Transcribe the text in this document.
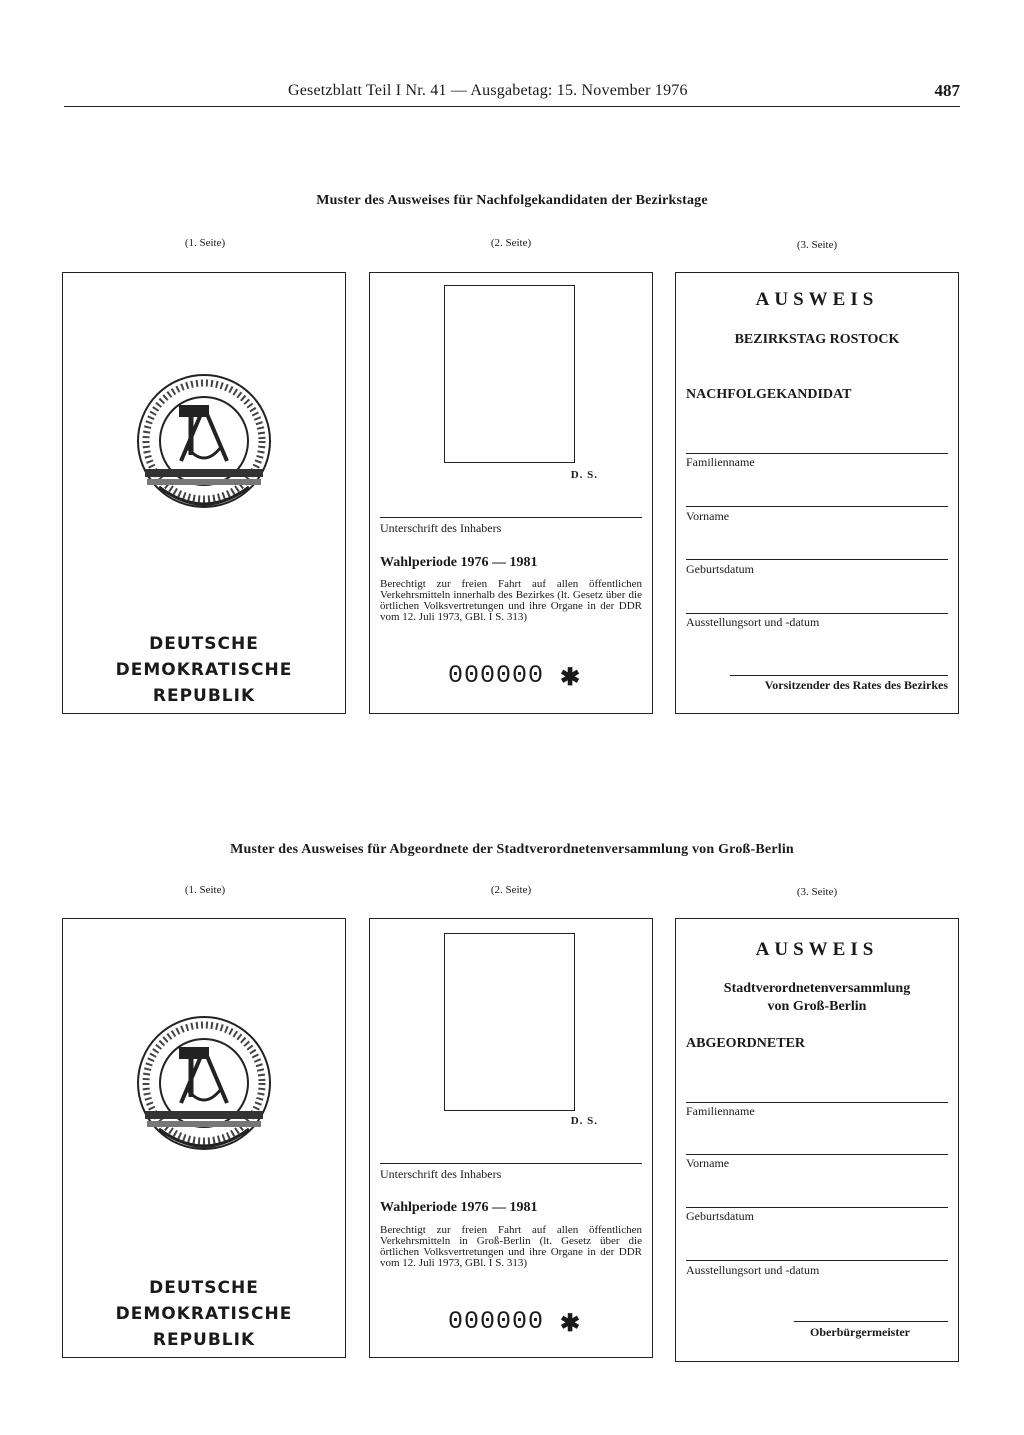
Gesetzblatt Teil I Nr. 41 — Ausgabetag: 15. November 1976	487
Muster des Ausweises für Nachfolgekandidaten der Bezirkstage
(1. Seite)	(2. Seite)	(3. Seite)
DEUTSCHE
DEMOKRATISCHE REPUBLIK
D. S.
Unterschrift des Inhabers
Wahlperiode 1976 — 1981
Berechtigt zur freien Fahrt auf allen öffentlichen Verkehrsmitteln innerhalb des Bezirkes (lt. Gesetz über die örtlichen Volksvertretungen und ihre Organe in der DDR vom 12. Juli 1973, GBl. I S. 313)
000000 ✱
AUSWEIS
BEZIRKSTAG ROSTOCK
NACHFOLGEKANDIDAT
Familienname
Vorname
Geburtsdatum
Ausstellungsort und -datum
Vorsitzender des Rates des Bezirkes
Muster des Ausweises für Abgeordnete der Stadtverordnetenversammlung von Groß-Berlin
(1. Seite)	(2. Seite)	(3. Seite)
DEUTSCHE
DEMOKRATISCHE REPUBLIK
D. S.
Unterschrift des Inhabers
Wahlperiode 1976 — 1981
Berechtigt zur freien Fahrt auf allen öffentlichen Verkehrsmitteln in Groß-Berlin (lt. Gesetz über die örtlichen Volksvertretungen und ihre Organe in der DDR vom 12. Juli 1973, GBl. I S. 313)
000000 ✱
AUSWEIS
Stadtverordnetenversammlung
von Groß-Berlin
ABGEORDNETER
Familienname
Vorname
Geburtsdatum
Ausstellungsort und -datum
Oberbürgermeister
